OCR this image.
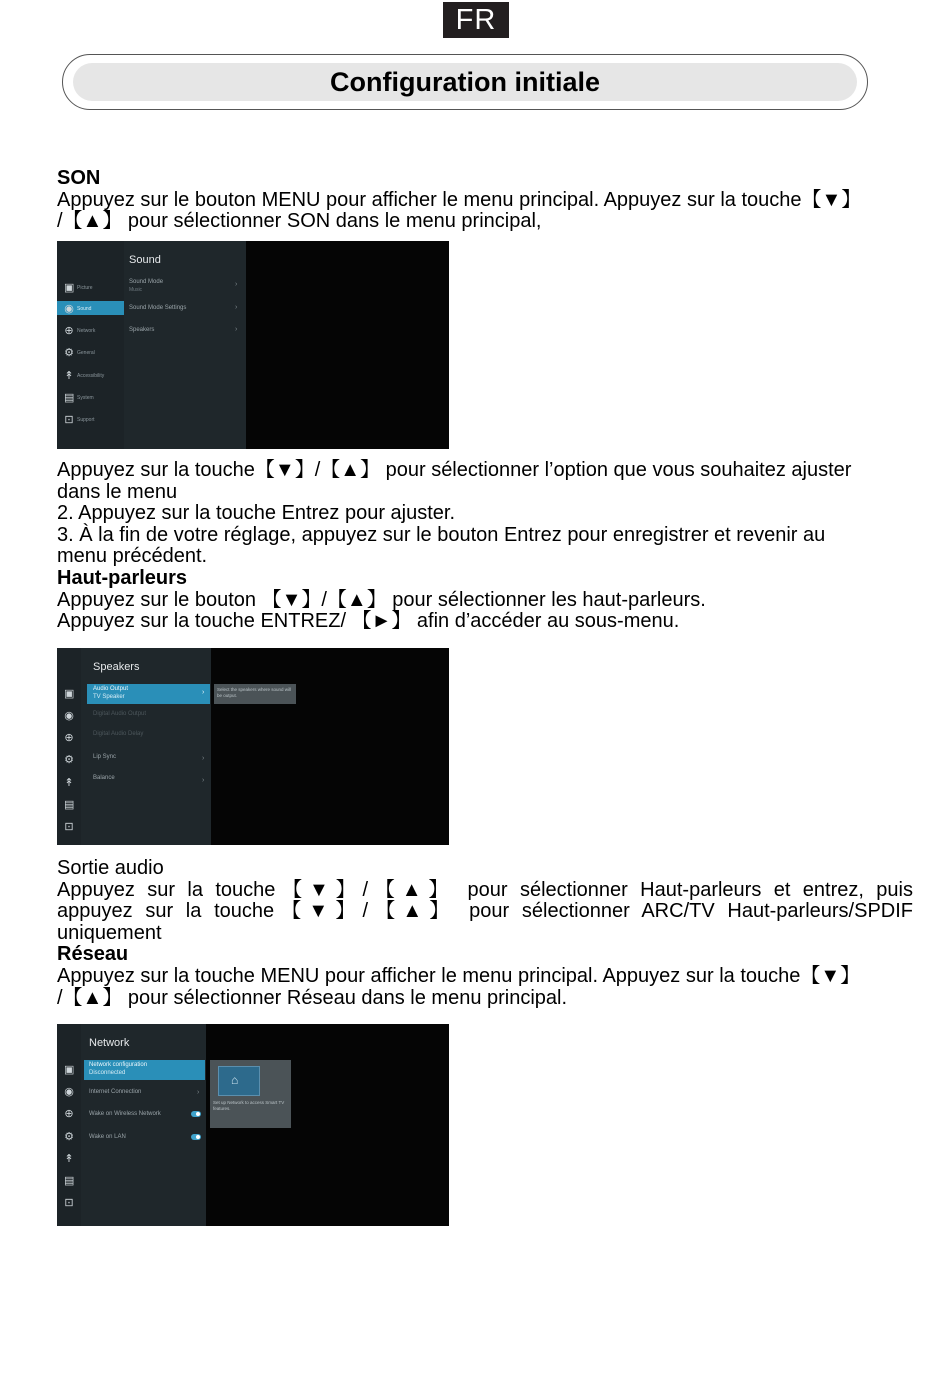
FR
Configuration initiale

SON

Appuyez sur le bouton MENU pour afficher le menu principal. Appuyez sur la touche【▼】

/【▲】 pour sélectionner SON dans le menu principal,

▣ Picture
◉ Sound
⊕ Network
⚙ General
↟ Accessibility
▤ System
⊡ Support
Sound
Sound Mode
Music
›
Sound Mode Settings	›
Speakers	›

Appuyez sur la touche【▼】/【▲】 pour sélectionner l’option que vous souhaitez ajuster

dans le menu

2. Appuyez sur la touche Entrez pour ajuster.

3. À la fin de votre réglage, appuyez sur le bouton Entrez pour enregistrer et revenir au

menu précédent.

Haut-parleurs

Appuyez sur le bouton 【▼】/【▲】 pour sélectionner les haut-parleurs.

Appuyez sur la touche ENTREZ/ 【►】 afin d’accéder au sous-menu.

▣
◉
⊕
⚙
↟
▤
⊡
Speakers
Audio Output
TV Speaker
›
Digital Audio Output
Digital Audio Delay
Lip Sync	›
Balance	›
Select the speakers where sound will be output.

Sortie audio

Appuyez sur la touche【▼】/【▲】 pour sélectionner Haut-parleurs et entrez, puis

appuyez sur la touche【▼】/【▲】 pour sélectionner ARC/TV Haut-parleurs/SPDIF

uniquement

Réseau

Appuyez sur la touche MENU pour afficher le menu principal. Appuyez sur la touche【▼】

/【▲】 pour sélectionner Réseau dans le menu principal.

▣
◉
⊕
⚙
↟
▤
⊡
Network
Network configuration
Disconnected
Internet Connection	›
Wake on Wireless Network
Wake on LAN
⌂
Set up Network to access Smart TV features.
